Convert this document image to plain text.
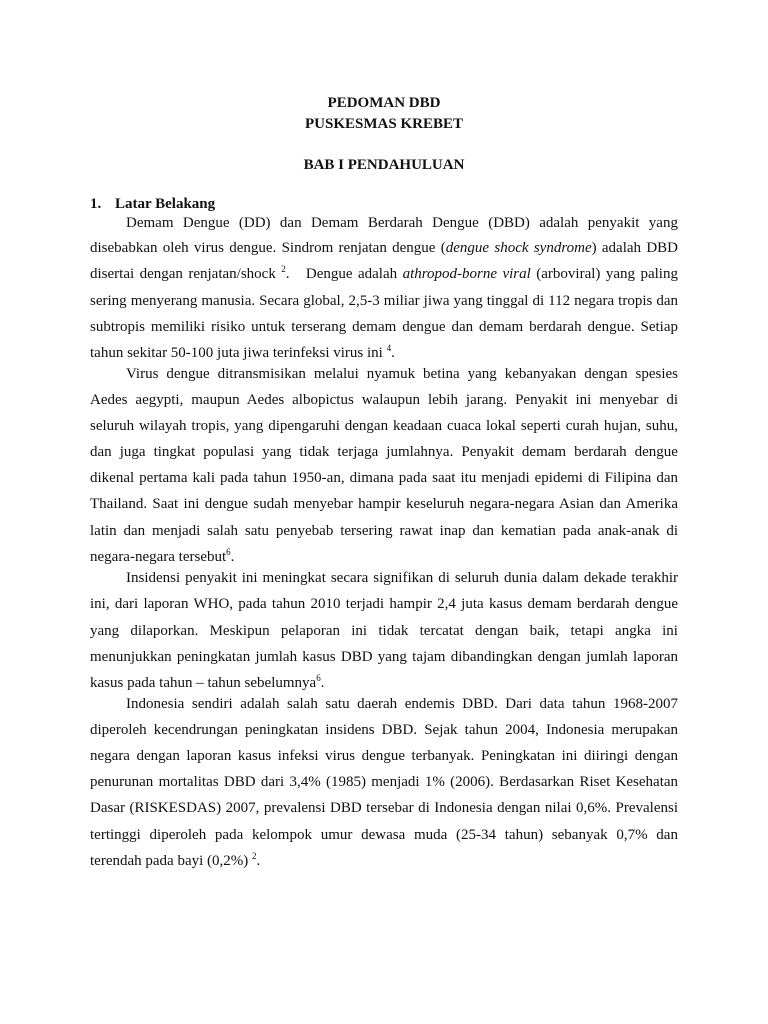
PEDOMAN DBD

PUSKESMAS KREBET

BAB I PENDAHULUAN

1. Latar Belakang

Demam Dengue (DD) dan Demam Berdarah Dengue (DBD) adalah penyakit yang

disebabkan oleh virus dengue. Sindrom renjatan dengue (dengue shock syndrome) adalah DBD

disertai dengan renjatan/shock $^2$.   Dengue adalah athropod-borne viral (arboviral) yang paling

sering menyerang manusia. Secara global, 2,5-3 miliar jiwa yang tinggal di 112 negara tropis dan

subtropis memiliki risiko untuk terserang demam dengue dan demam berdarah dengue. Setiap

tahun sekitar 50-100 juta jiwa terinfeksi virus ini $^4$.

Virus dengue ditransmisikan melalui nyamuk betina yang kebanyakan dengan spesies

Aedes aegypti, maupun Aedes albopictus walaupun lebih jarang. Penyakit ini menyebar di

seluruh wilayah tropis, yang dipengaruhi dengan keadaan cuaca lokal seperti curah hujan, suhu,

dan juga tingkat populasi yang tidak terjaga jumlahnya. Penyakit demam berdarah dengue

dikenal pertama kali pada tahun 1950-an, dimana pada saat itu menjadi epidemi di Filipina dan

Thailand. Saat ini dengue sudah menyebar hampir keseluruh negara-negara Asian dan Amerika

latin dan menjadi salah satu penyebab tersering rawat inap dan kematian pada anak-anak di

negara-negara tersebut$^6$.

Insidensi penyakit ini meningkat secara signifikan di seluruh dunia dalam dekade terakhir

ini, dari laporan WHO, pada tahun 2010 terjadi hampir 2,4 juta kasus demam berdarah dengue

yang dilaporkan. Meskipun pelaporan ini tidak tercatat dengan baik, tetapi angka ini

menunjukkan peningkatan jumlah kasus DBD yang tajam dibandingkan dengan jumlah laporan

kasus pada tahun – tahun sebelumnya$^6$.

Indonesia sendiri adalah salah satu daerah endemis DBD. Dari data tahun 1968-2007

diperoleh kecendrungan peningkatan insidens DBD. Sejak tahun 2004, Indonesia merupakan

negara dengan laporan kasus infeksi virus dengue terbanyak. Peningkatan ini diiringi dengan

penurunan mortalitas DBD dari 3,4% (1985) menjadi 1% (2006). Berdasarkan Riset Kesehatan

Dasar (RISKESDAS) 2007, prevalensi DBD tersebar di Indonesia dengan nilai 0,6%. Prevalensi

tertinggi diperoleh pada kelompok umur dewasa muda (25-34 tahun) sebanyak 0,7% dan

terendah pada bayi (0,2%) $^2$.
